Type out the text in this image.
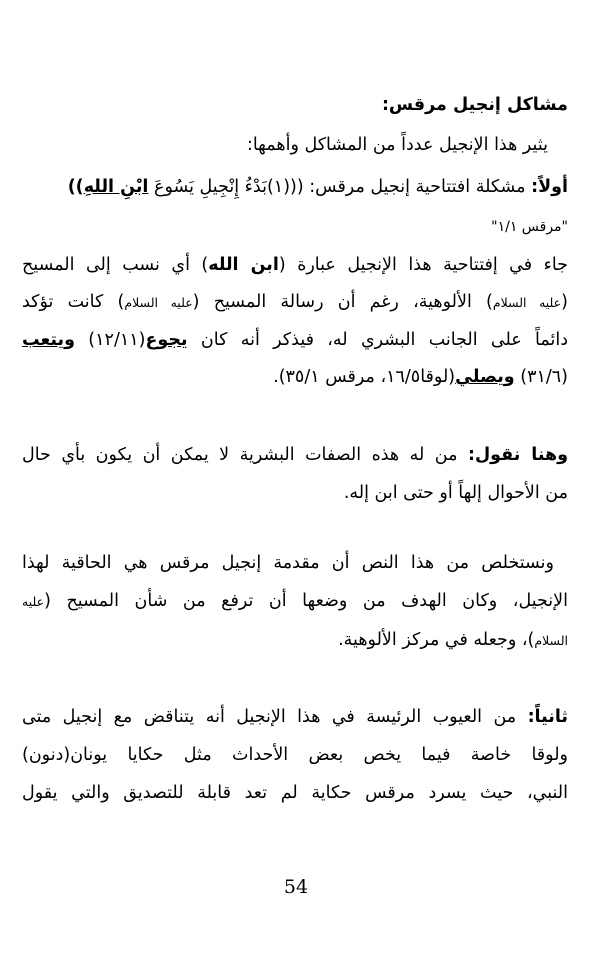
مشاكل إنجيل مرقس:
يثير هذا الإنجيل عدداً من المشاكل وأهمها:
أولاً: مشكلة افتتاحية إنجيل مرقس: (((١)بَدْءُ إِنْجِيلِ يَسُوعَ ابْنِ اللهِ))
"مرقس ١/١"
جاء في إفتتاحية هذا الإنجيل عبارة (ابن الله) أي نسب إلى المسيح
(عليه السلام) الألوهية، رغم أن رسالة المسيح (عليه السلام) كانت تؤكد
دائماً على الجانب البشري له، فيذكر أنه كان يجوع(١٢/١١) ويتعب
(٣١/٦) ويصلي(لوقا١٦/٥، مرقس ٣٥/١).
وهنا نقول: من له هذه الصفات البشرية لا يمكن أن يكون بأي حال
من الأحوال إلهاً أو حتى ابن إله.
ونستخلص من هذا النص أن مقدمة إنجيل مرقس هي الحاقية لهذا
الإنجيل، وكان الهدف من وضعها أن ترفع من شأن المسيح (عليه
السلام)، وجعله في مركز الألوهية.
ثانياً: من العيوب الرئيسة في هذا الإنجيل أنه يتناقض مع إنجيل متى
ولوقا خاصة فيما يخص بعض الأحداث مثل حكايا يونان(دنون)
النبي، حيث يسرد مرقس حكاية لم تعد قابلة للتصديق والتي يقول
54
